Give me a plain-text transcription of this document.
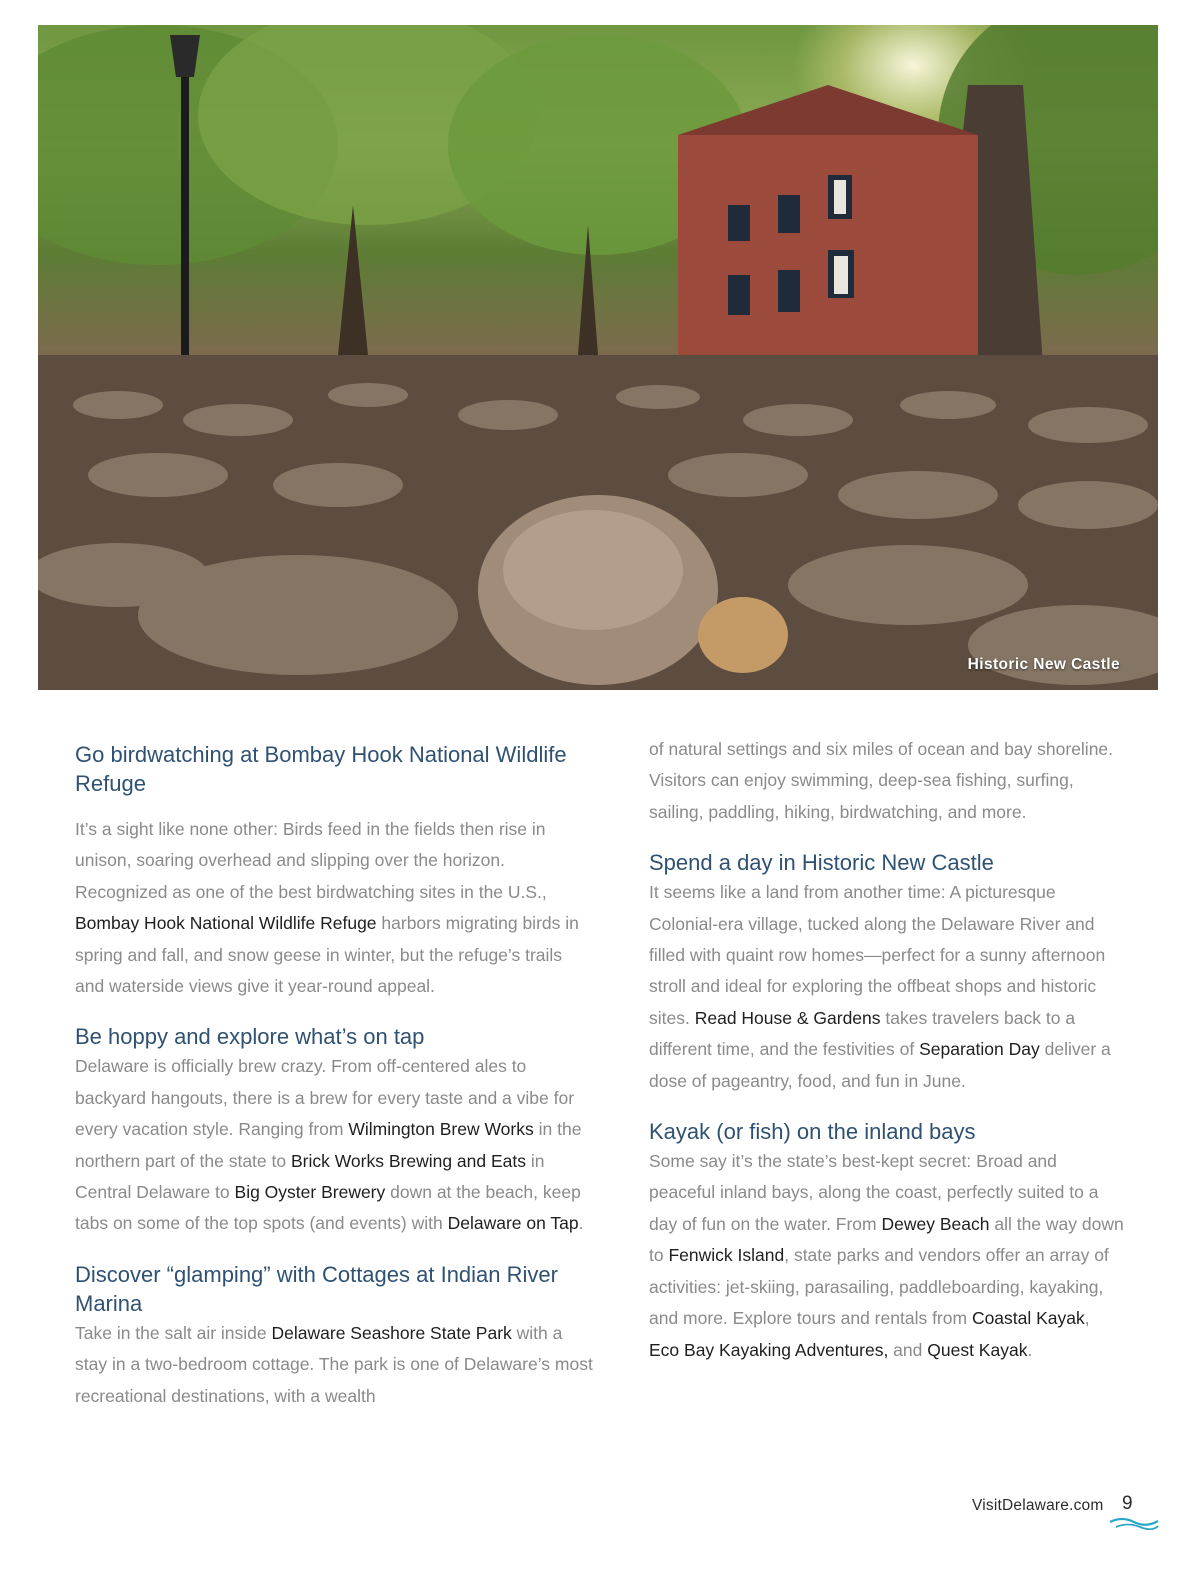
Historic New Castle
Go birdwatching at Bombay Hook National Wildlife Refuge

It’s a sight like none other: Birds feed in the fields then rise in unison, soaring overhead and slipping over the horizon. Recognized as one of the best birdwatching sites in the U.S., Bombay Hook National Wildlife Refuge harbors migrating birds in spring and fall, and snow geese in winter, but the refuge’s trails and waterside views give it year-round appeal.

Be hoppy and explore what’s on tap

Delaware is officially brew crazy. From off-centered ales to backyard hangouts, there is a brew for every taste and a vibe for every vacation style. Ranging from Wilmington Brew Works in the northern part of the state to Brick Works Brewing and Eats in Central Delaware to Big Oyster Brewery down at the beach, keep tabs on some of the top spots (and events) with Delaware on Tap.

Discover “glamping” with Cottages at Indian River Marina

Take in the salt air inside Delaware Seashore State Park with a stay in a two-bedroom cottage. The park is one of Delaware’s most recreational destinations, with a wealth

of natural settings and six miles of ocean and bay shoreline. Visitors can enjoy swimming, deep-sea fishing, surfing, sailing, paddling, hiking, birdwatching, and more.

Spend a day in Historic New Castle

It seems like a land from another time: A picturesque Colonial-era village, tucked along the Delaware River and filled with quaint row homes—perfect for a sunny afternoon stroll and ideal for exploring the offbeat shops and historic sites. Read House & Gardens takes travelers back to a different time, and the festivities of Separation Day deliver a dose of pageantry, food, and fun in June.

Kayak (or fish) on the inland bays

Some say it’s the state’s best-kept secret: Broad and peaceful inland bays, along the coast, perfectly suited to a day of fun on the water. From Dewey Beach all the way down to Fenwick Island, state parks and vendors offer an array of activities: jet-skiing, parasailing, paddleboarding, kayaking, and more. Explore tours and rentals from Coastal Kayak, Eco Bay Kayaking Adventures, and Quest Kayak.

VisitDelaware.com 9
